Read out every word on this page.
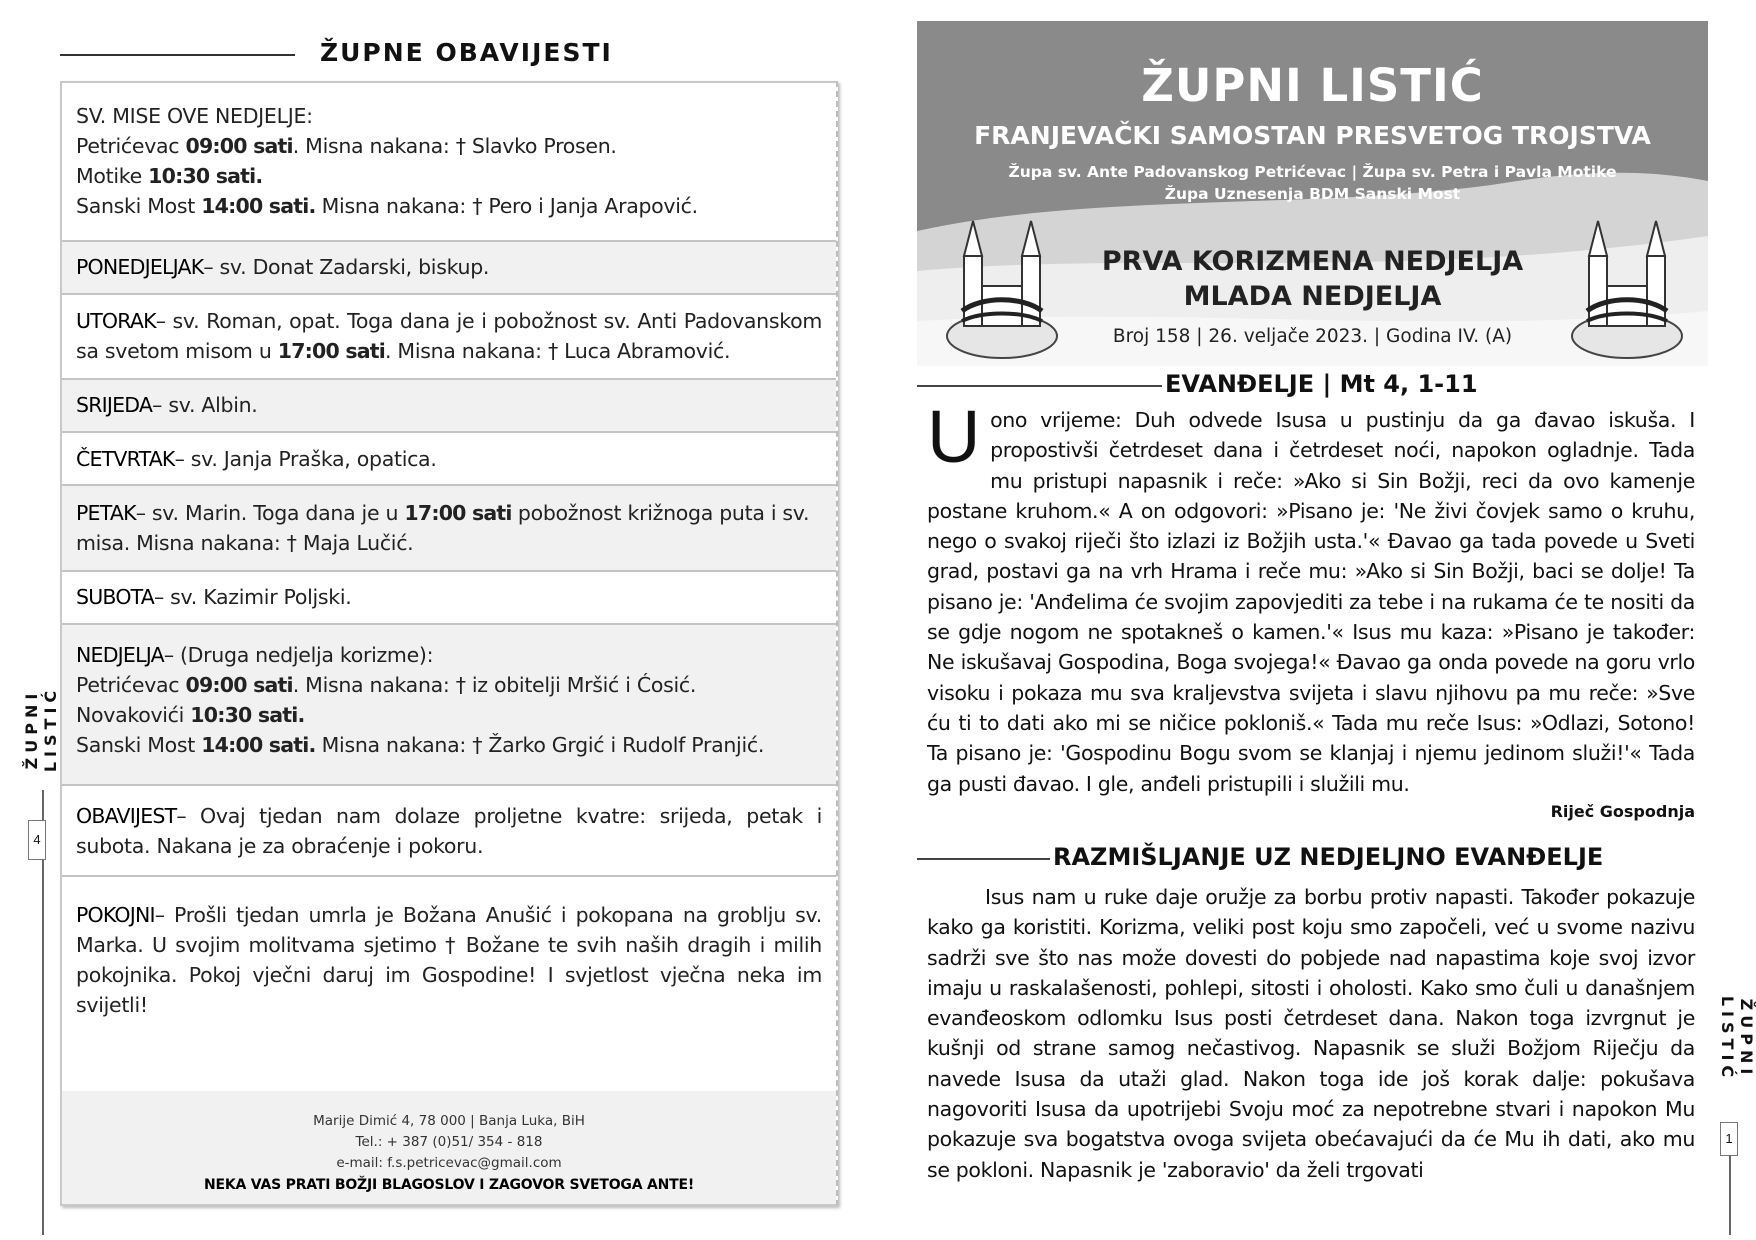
ŽUPNE OBAVIJESTI

SV. MISE OVE NEDJELJE:

Petrićevac 09:00 sati. Misna nakana: † Slavko Prosen.

Motike 10:30 sati.

Sanski Most 14:00 sati. Misna nakana: † Pero i Janja Arapović.

PONEDJELJAK– sv. Donat Zadarski, biskup.

UTORAK– sv. Roman, opat. Toga dana je i pobožnost sv. Anti Padovanskom sa svetom misom u 17:00 sati. Misna nakana: † Luca Abramović.

SRIJEDA– sv. Albin.

ČETVRTAK– sv. Janja Praška, opatica.

PETAK– sv. Marin. Toga dana je u 17:00 sati pobožnost križnoga puta i sv. misa. Misna nakana: † Maja Lučić.

SUBOTA– sv. Kazimir Poljski.

NEDJELJA– (Druga nedjelja korizme):

Petrićevac 09:00 sati. Misna nakana: † iz obitelji Mršić i Ćosić.

Novakovići 10:30 sati.

Sanski Most 14:00 sati. Misna nakana: † Žarko Grgić i Rudolf Pranjić.

OBAVIJEST– Ovaj tjedan nam dolaze proljetne kvatre: srijeda, petak i subota. Nakana je za obraćenje i pokoru.

POKOJNI– Prošli tjedan umrla je Božana Anušić i pokopana na groblju sv. Marka. U svojim molitvama sjetimo † Božane te svih naših dragih i milih pokojnika. Pokoj vječni daruj im Gospodine! I svjetlost vječna neka im svijetli!

Marije Dimić 4, 78 000 | Banja Luka, BiH
Tel.: + 387 (0)51/ 354 - 818
e-mail: f.s.petricevac@gmail.com
NEKA VAS PRATI BOŽJI BLAGOSLOV I ZAGOVOR SVETOGA ANTE!
ŽUPNI LISTIĆ
4
ŽUPNI LISTIĆ
FRANJEVAČKI SAMOSTAN PRESVETOG TROJSTVA
Župa sv. Ante Padovanskog Petrićevac | Župa sv. Petra i Pavla Motike
Župa Uznesenja BDM Sanski Most
PRVA KORIZMENA NEDJELJA
MLADA NEDJELJA
Broj 158 | 26. veljače 2023. | Godina IV. (A)
EVANĐELJE | Mt 4, 1-11
Uono vrijeme: Duh odvede Isusa u pustinju da ga đavao iskuša. I propostivši četrdeset dana i četrdeset noći, napokon ogladnje. Tada mu pristupi napasnik i reče: »Ako si Sin Božji, reci da ovo kamenje postane kruhom.« A on odgovori: »Pisano je: 'Ne živi čovjek samo o kruhu, nego o svakoj riječi što izlazi iz Božjih usta.'« Đavao ga tada povede u Sveti grad, postavi ga na vrh Hrama i reče mu: »Ako si Sin Božji, baci se dolje! Ta pisano je: 'Anđelima će svojim zapovjediti za tebe i na rukama će te nositi da se gdje nogom ne spotakneš o kamen.'« Isus mu kaza: »Pisano je također: Ne iskušavaj Gospodina, Boga svojega!« Đavao ga onda povede na goru vrlo visoku i pokaza mu sva kraljevstva svijeta i slavu njihovu pa mu reče: »Sve ću ti to dati ako mi se ničice pokloniš.« Tada mu reče Isus: »Odlazi, Sotono! Ta pisano je: 'Gospodinu Bogu svom se klanjaj i njemu jedinom služi!'« Tada ga pusti đavao. I gle, anđeli pristupili i služili mu.
Riječ Gospodnja
RAZMIŠLJANJE UZ NEDJELJNO EVANĐELJE
Isus nam u ruke daje oružje za borbu protiv napasti. Također pokazuje kako ga koristiti. Korizma, veliki post koju smo započeli, već u svome nazivu sadrži sve što nas može dovesti do pobjede nad napastima koje svoj izvor imaju u raskalašenosti, pohlepi, sitosti i oholosti. Kako smo čuli u današnjem evanđeoskom odlomku Isus posti četrdeset dana. Nakon toga izvrgnut je kušnji od strane samog nečastivog. Napasnik se služi Božjom Riječju da navede Isusa da utaži glad. Nakon toga ide još korak dalje: pokušava nagovoriti Isusa da upotrijebi Svoju moć za nepotrebne stvari i napokon Mu pokazuje sva bogatstva ovoga svijeta obećavajući da će Mu ih dati, ako mu se pokloni. Napasnik je 'zaboravio' da želi trgovati
ŽUPNI LISTIĆ
1
